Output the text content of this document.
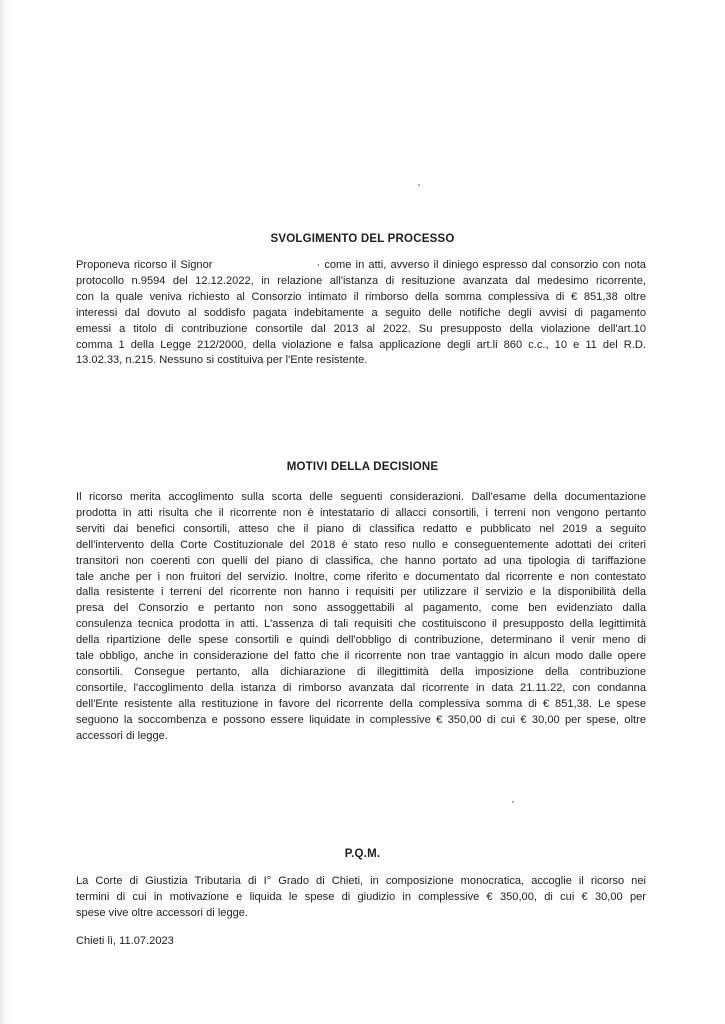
SVOLGIMENTO DEL PROCESSO
Proponeva ricorso il Signor	· come in atti, avverso il diniego espresso dal consorzio con nota
protocollo n.9594 del 12.12.2022, in relazione all'istanza di resituzione avanzata dal medesimo ricorrente,
con la quale veniva richiesto al Consorzio intimato il rimborso della somma complessiva di € 851,38 oltre
interessi dal dovuto al soddisfo pagata indebitamente a seguito delle notifiche degli avvisi di pagamento
emessi a titolo di contribuzione consortile dal 2013 al 2022. Su presupposto della violazione dell'art.10
comma 1 della Legge 212/2000, della violazione e falsa applicazione degli art.li 860 c.c., 10 e 11 del R.D.
13.02.33, n.215. Nessuno si costituiva per l'Ente resistente.
MOTIVI DELLA DECISIONE
Il ricorso merita accoglimento sulla scorta delle seguenti considerazioni. Dall'esame della documentazione
prodotta in atti risulta che il ricorrente non è intestatario di allacci consortili, i terreni non vengono pertanto
serviti dai benefici consortili, atteso che il piano di classifica redatto e pubblicato nel 2019 a seguito
dell'intervento della Corte Costituzionale del 2018 è stato reso nullo e conseguentemente adottati dei criteri
transitori non coerenti con quelli del piano di classifica, che hanno portato ad una tipologia di tariffazione
tale anche per i non fruitori del servizio. Inoltre, come riferito e documentato dal ricorrente e non contestato
dalla resistente i terreni del ricorrente non hanno i requisiti per utilizzare il servizio e la disponibilità della
presa del Consorzio e pertanto non sono assoggettabili al pagamento, come ben evidenziato dalla
consulenza tecnica prodotta in atti. L'assenza di tali requisiti che costituiscono il presupposto della legittimità
della ripartizione delle spese consortili e quindi dell'obbligo di contribuzione, determinano il venir meno di
tale obbligo, anche in considerazione del fatto che il ricorrente non trae vantaggio in alcun modo dalle opere
consortili. Consegue pertanto, alla dichiarazione di illegittimità della imposizione della contribuzione
consortile, l'accoglimento della istanza di rimborso avanzata dal ricorrente in data 21.11.22, con condanna
dell'Ente resistente alla restituzione in favore del ricorrente della complessiva somma di € 851,38. Le spese
seguono la soccombenza e possono essere liquidate in complessive € 350,00 di cui € 30,00 per spese, oltre
accessori di legge.
P.Q.M.
La Corte di Giustizia Tributaria di I° Grado di Chieti, in composizione monocratica, accoglie il ricorso nei
termini di cui in motivazione e liquida le spese di giudizio in complessive € 350,00, di cui € 30,00 per
spese vive oltre accessori di legge.
Chieti lì, 11.07.2023
